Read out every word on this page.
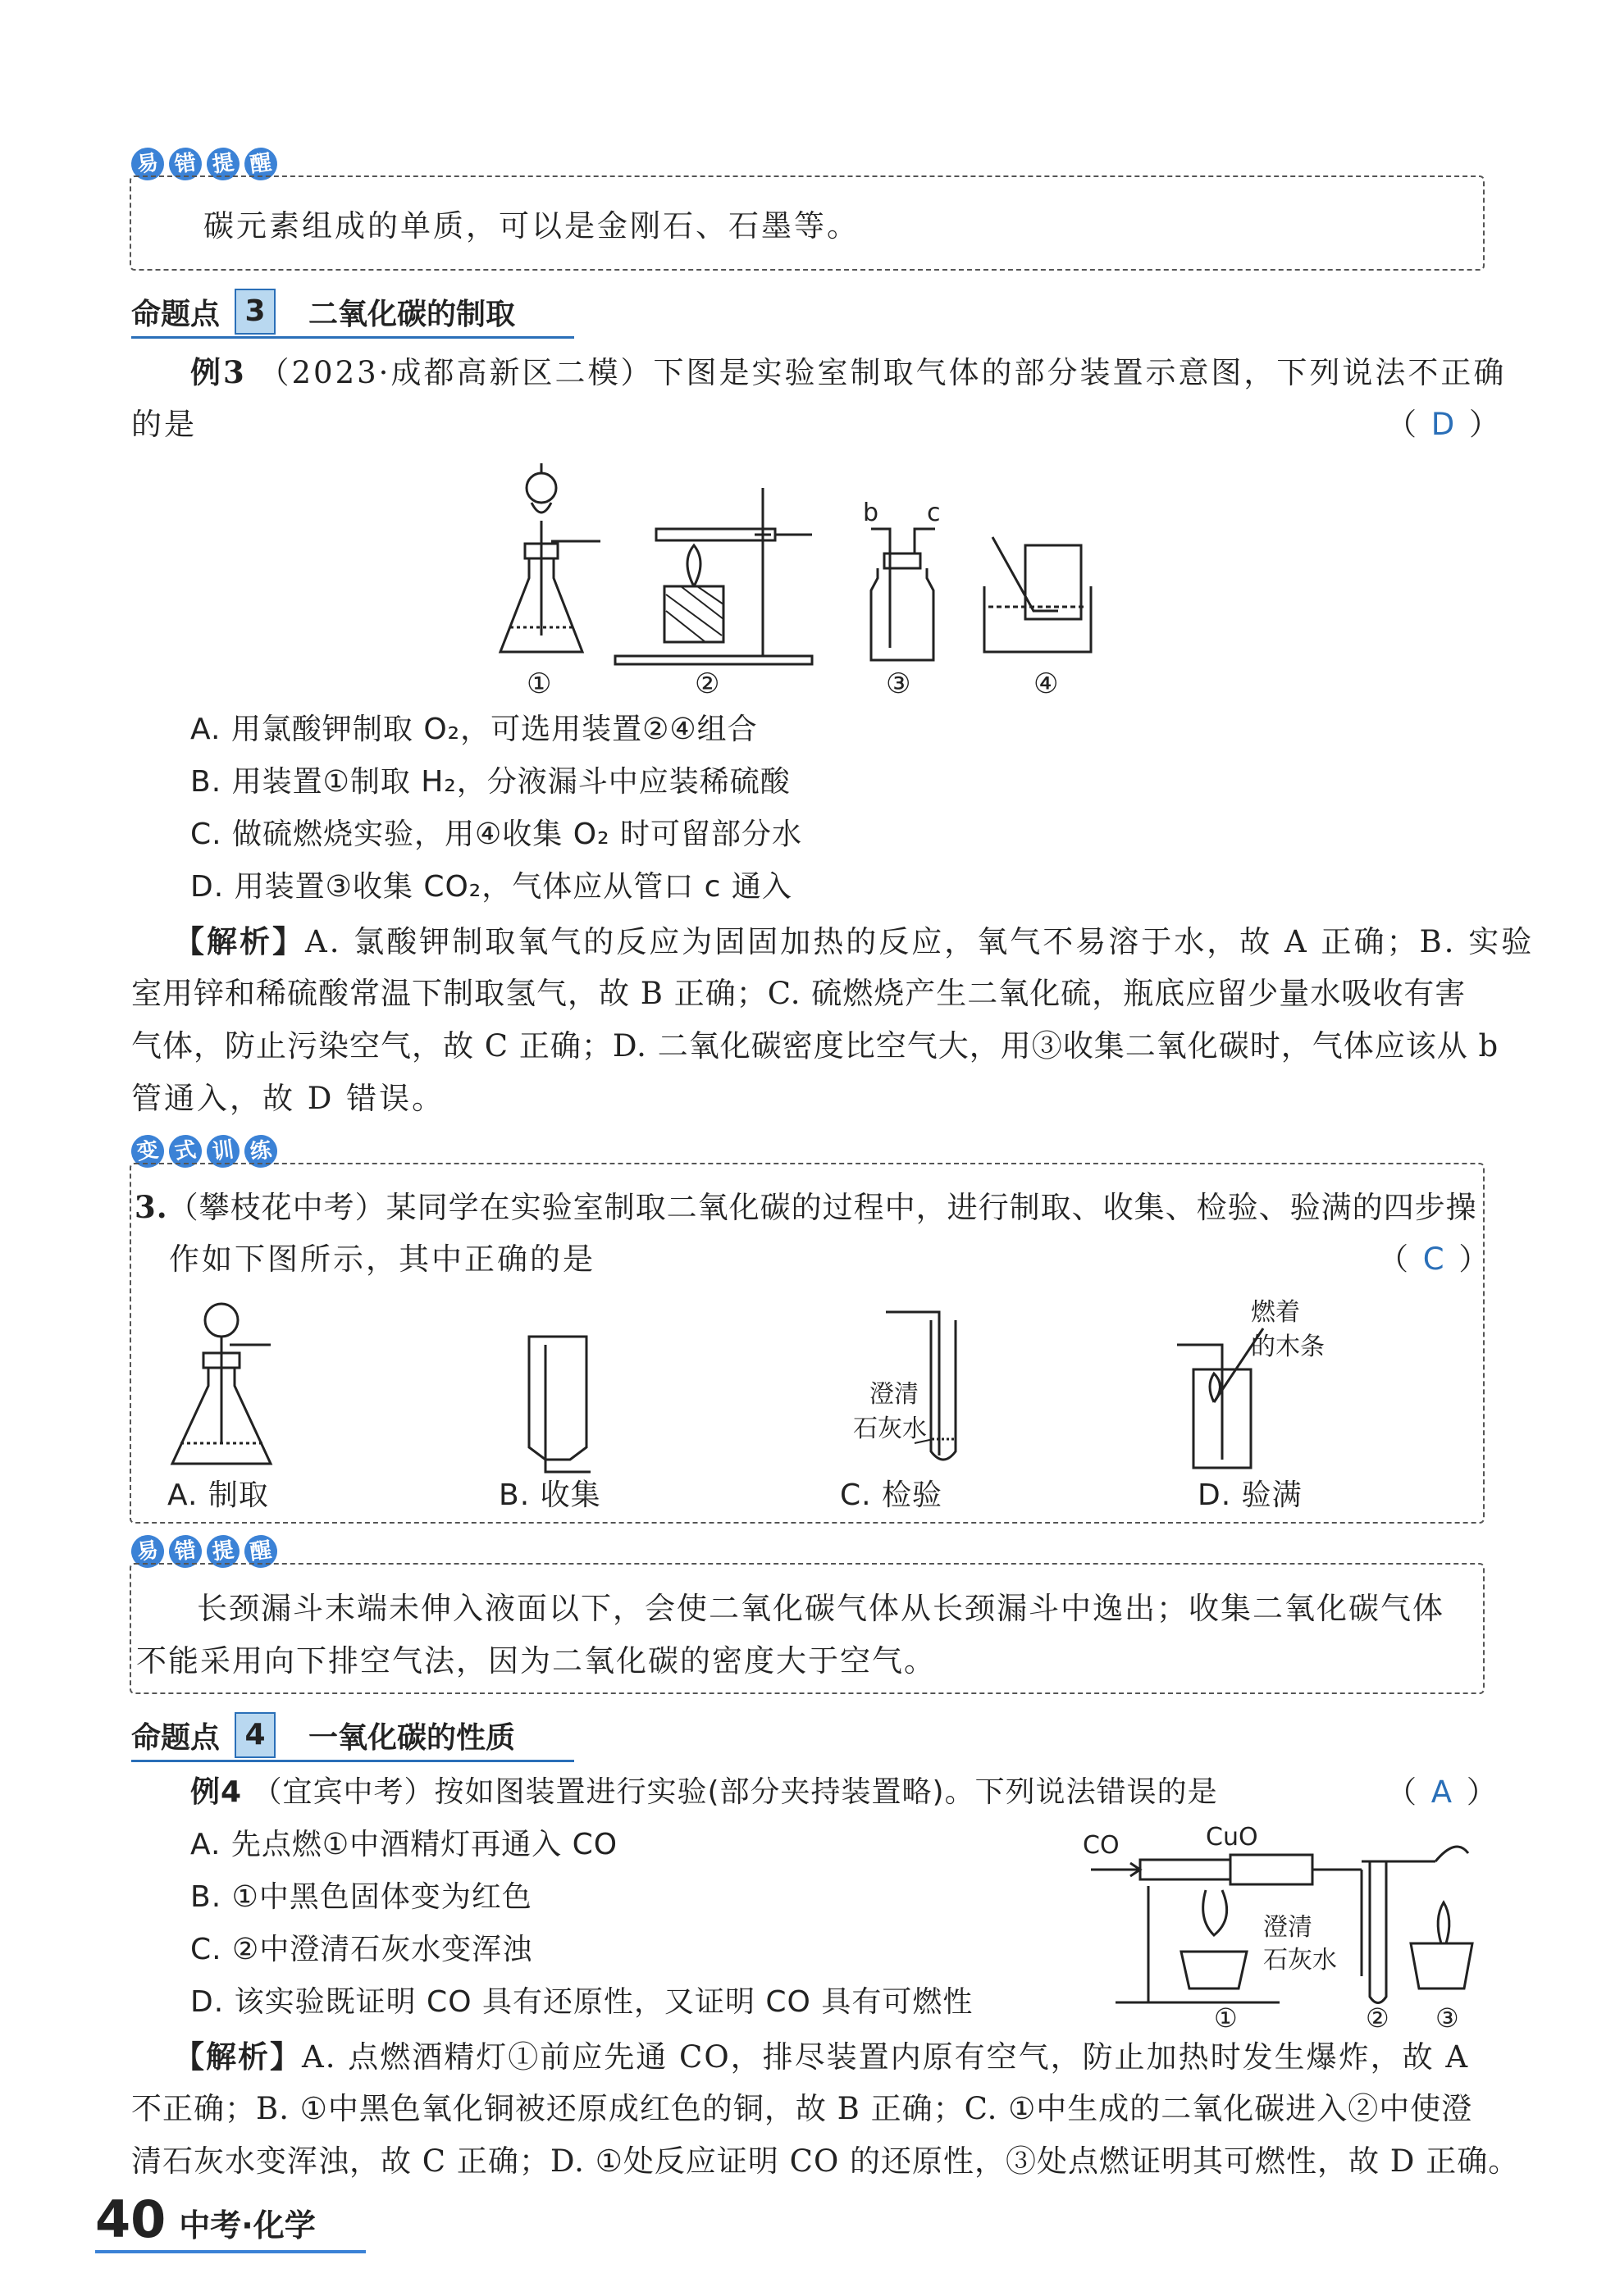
易 错 提 醒
碳元素组成的单质，可以是金刚石、石墨等。
命题点 3	二氧化碳的制取
例3 （2023·成都高新区二模）下图是实验室制取气体的部分装置示意图，下列说法不正确
的是	（ D ）
b c
①	②	③	④
A. 用氯酸钾制取 O₂，可选用装置②④组合
B. 用装置①制取 H₂，分液漏斗中应装稀硫酸
C. 做硫燃烧实验，用④收集 O₂ 时可留部分水
D. 用装置③收集 CO₂，气体应从管口 c 通入
【解析】A. 氯酸钾制取氧气的反应为固固加热的反应，氧气不易溶于水，故 A 正确；B. 实验
室用锌和稀硫酸常温下制取氢气，故 B 正确；C. 硫燃烧产生二氧化硫，瓶底应留少量水吸收有害
气体，防止污染空气，故 C 正确；D. 二氧化碳密度比空气大，用③收集二氧化碳时，气体应该从 b
管通入，故 D 错误。
变 式 训 练
3.（攀枝花中考）某同学在实验室制取二氧化碳的过程中，进行制取、收集、检验、验满的四步操
作如下图所示，其中正确的是	（ C ）
澄清
石灰水
燃着
的木条
A. 制取	B. 收集	C. 检验	D. 验满
易 错 提 醒
长颈漏斗末端未伸入液面以下，会使二氧化碳气体从长颈漏斗中逸出；收集二氧化碳气体
不能采用向下排空气法，因为二氧化碳的密度大于空气。
命题点 4	一氧化碳的性质
例4 （宜宾中考）按如图装置进行实验(部分夹持装置略)。下列说法错误的是	（ A ）
A. 先点燃①中酒精灯再通入 CO
B. ①中黑色固体变为红色
C. ②中澄清石灰水变浑浊
D. 该实验既证明 CO 具有还原性，又证明 CO 具有可燃性
CO	CuO
澄清
石灰水
①	② ③
【解析】A. 点燃酒精灯①前应先通 CO，排尽装置内原有空气，防止加热时发生爆炸，故 A
不正确；B. ①中黑色氧化铜被还原成红色的铜，故 B 正确；C. ①中生成的二氧化碳进入②中使澄
清石灰水变浑浊，故 C 正确；D. ①处反应证明 CO 的还原性，③处点燃证明其可燃性，故 D 正确。
40 中考·化学
